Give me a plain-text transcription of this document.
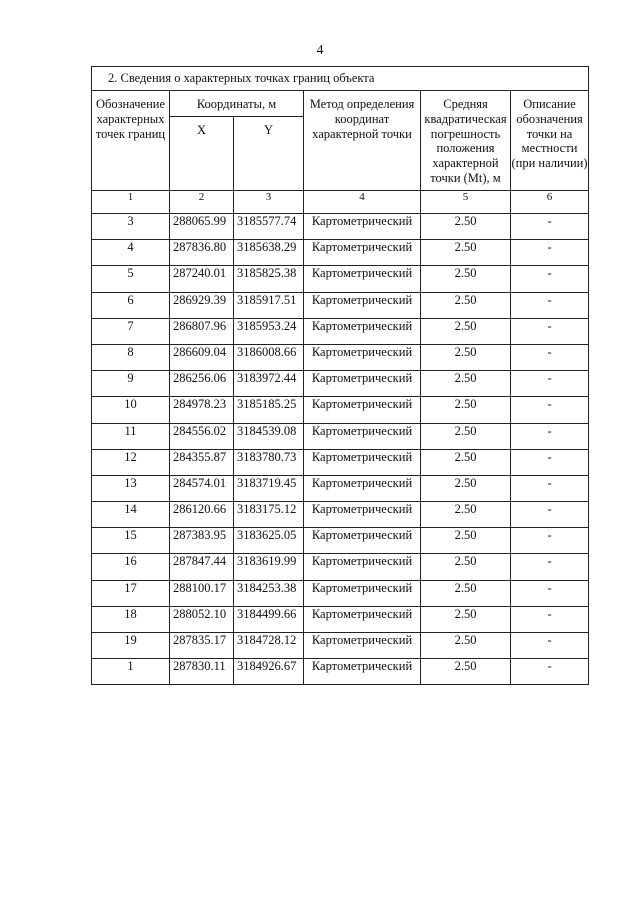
4
2. Сведения о характерных точках границ объекта					
Обозначение характерных точек границ	Координаты, м		Метод определения координат характерной точки	Средняя квадратическая погрешность положения характерной точки (Mt), м	Описание обозначения точки на местности (при наличии)
	X	Y			
1	2	3	4	5	6
3	288065.99	3185577.74	Картометрический	2.50	-
4	287836.80	3185638.29	Картометрический	2.50	-
5	287240.01	3185825.38	Картометрический	2.50	-
6	286929.39	3185917.51	Картометрический	2.50	-
7	286807.96	3185953.24	Картометрический	2.50	-
8	286609.04	3186008.66	Картометрический	2.50	-
9	286256.06	3183972.44	Картометрический	2.50	-
10	284978.23	3185185.25	Картометрический	2.50	-
11	284556.02	3184539.08	Картометрический	2.50	-
12	284355.87	3183780.73	Картометрический	2.50	-
13	284574.01	3183719.45	Картометрический	2.50	-
14	286120.66	3183175.12	Картометрический	2.50	-
15	287383.95	3183625.05	Картометрический	2.50	-
16	287847.44	3183619.99	Картометрический	2.50	-
17	288100.17	3184253.38	Картометрический	2.50	-
18	288052.10	3184499.66	Картометрический	2.50	-
19	287835.17	3184728.12	Картометрический	2.50	-
1	287830.11	3184926.67	Картометрический	2.50	-
